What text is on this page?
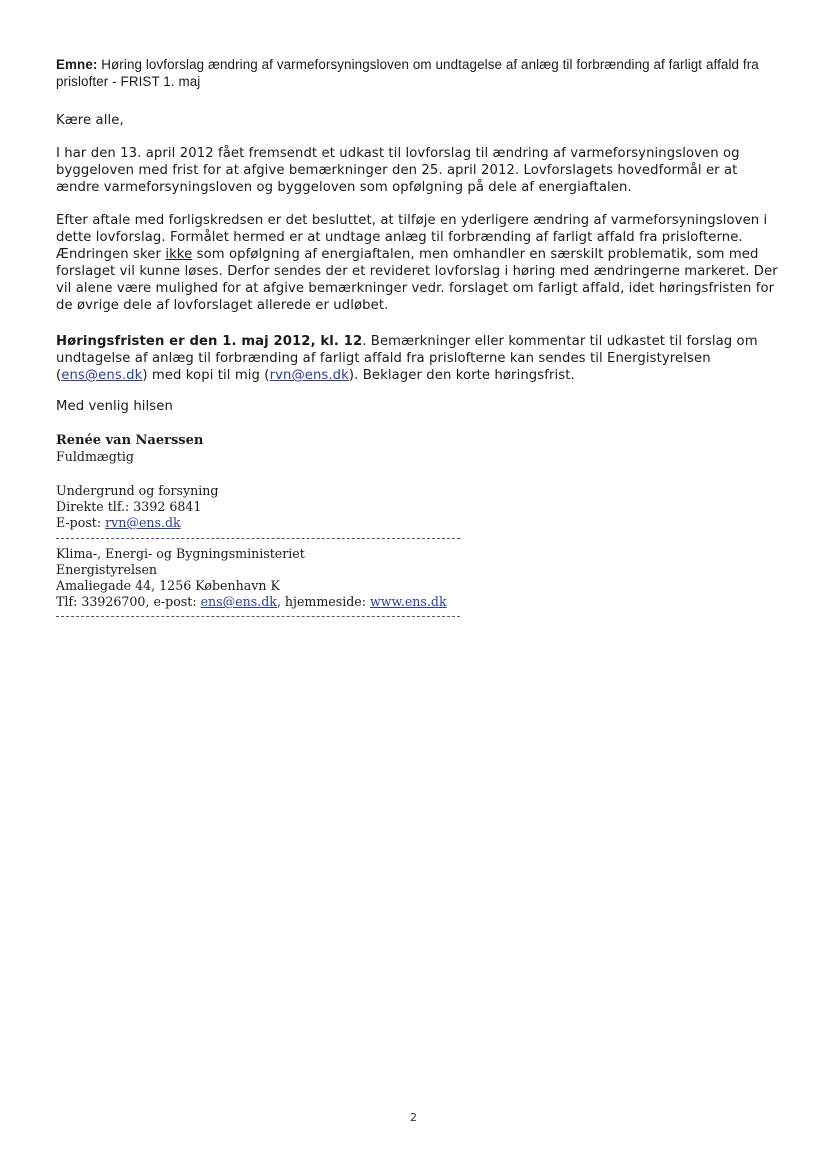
Emne: Høring lovforslag ændring af varmeforsyningsloven om undtagelse af anlæg til forbrænding af farligt affald fra prislofter - FRIST 1. maj
Kære alle,
I har den 13. april 2012 fået fremsendt et udkast til lovforslag til ændring af varmeforsyningsloven og byggeloven med frist for at afgive bemærkninger den 25. april 2012. Lovforslagets hovedformål er at ændre varmeforsyningsloven og byggeloven som opfølgning på dele af energiaftalen.
Efter aftale med forligskredsen er det besluttet, at tilføje en yderligere ændring af varmeforsyningsloven i dette lovforslag. Formålet hermed er at undtage anlæg til forbrænding af farligt affald fra prislofterne. Ændringen sker ikke som opfølgning af energiaftalen, men omhandler en særskilt problematik, som med forslaget vil kunne løses. Derfor sendes der et revideret lovforslag i høring med ændringerne markeret. Der vil alene være mulighed for at afgive bemærkninger vedr. forslaget om farligt affald, idet høringsfristen for de øvrige dele af lovforslaget allerede er udløbet.
Høringsfristen er den 1. maj 2012, kl. 12. Bemærkninger eller kommentar til udkastet til forslag om undtagelse af anlæg til forbrænding af farligt affald fra prislofterne kan sendes til Energistyrelsen (ens@ens.dk) med kopi til mig (rvn@ens.dk). Beklager den korte høringsfrist.
Med venlig hilsen
Renée van Naerssen
Fuldmægtig
Undergrund og forsyning
Direkte tlf.: 3392 6841
E-post: rvn@ens.dk
Klima-, Energi- og Bygningsministeriet
Energistyrelsen
Amaliegade 44, 1256 København K
Tlf: 33926700, e-post: ens@ens.dk, hjemmeside: www.ens.dk
2
